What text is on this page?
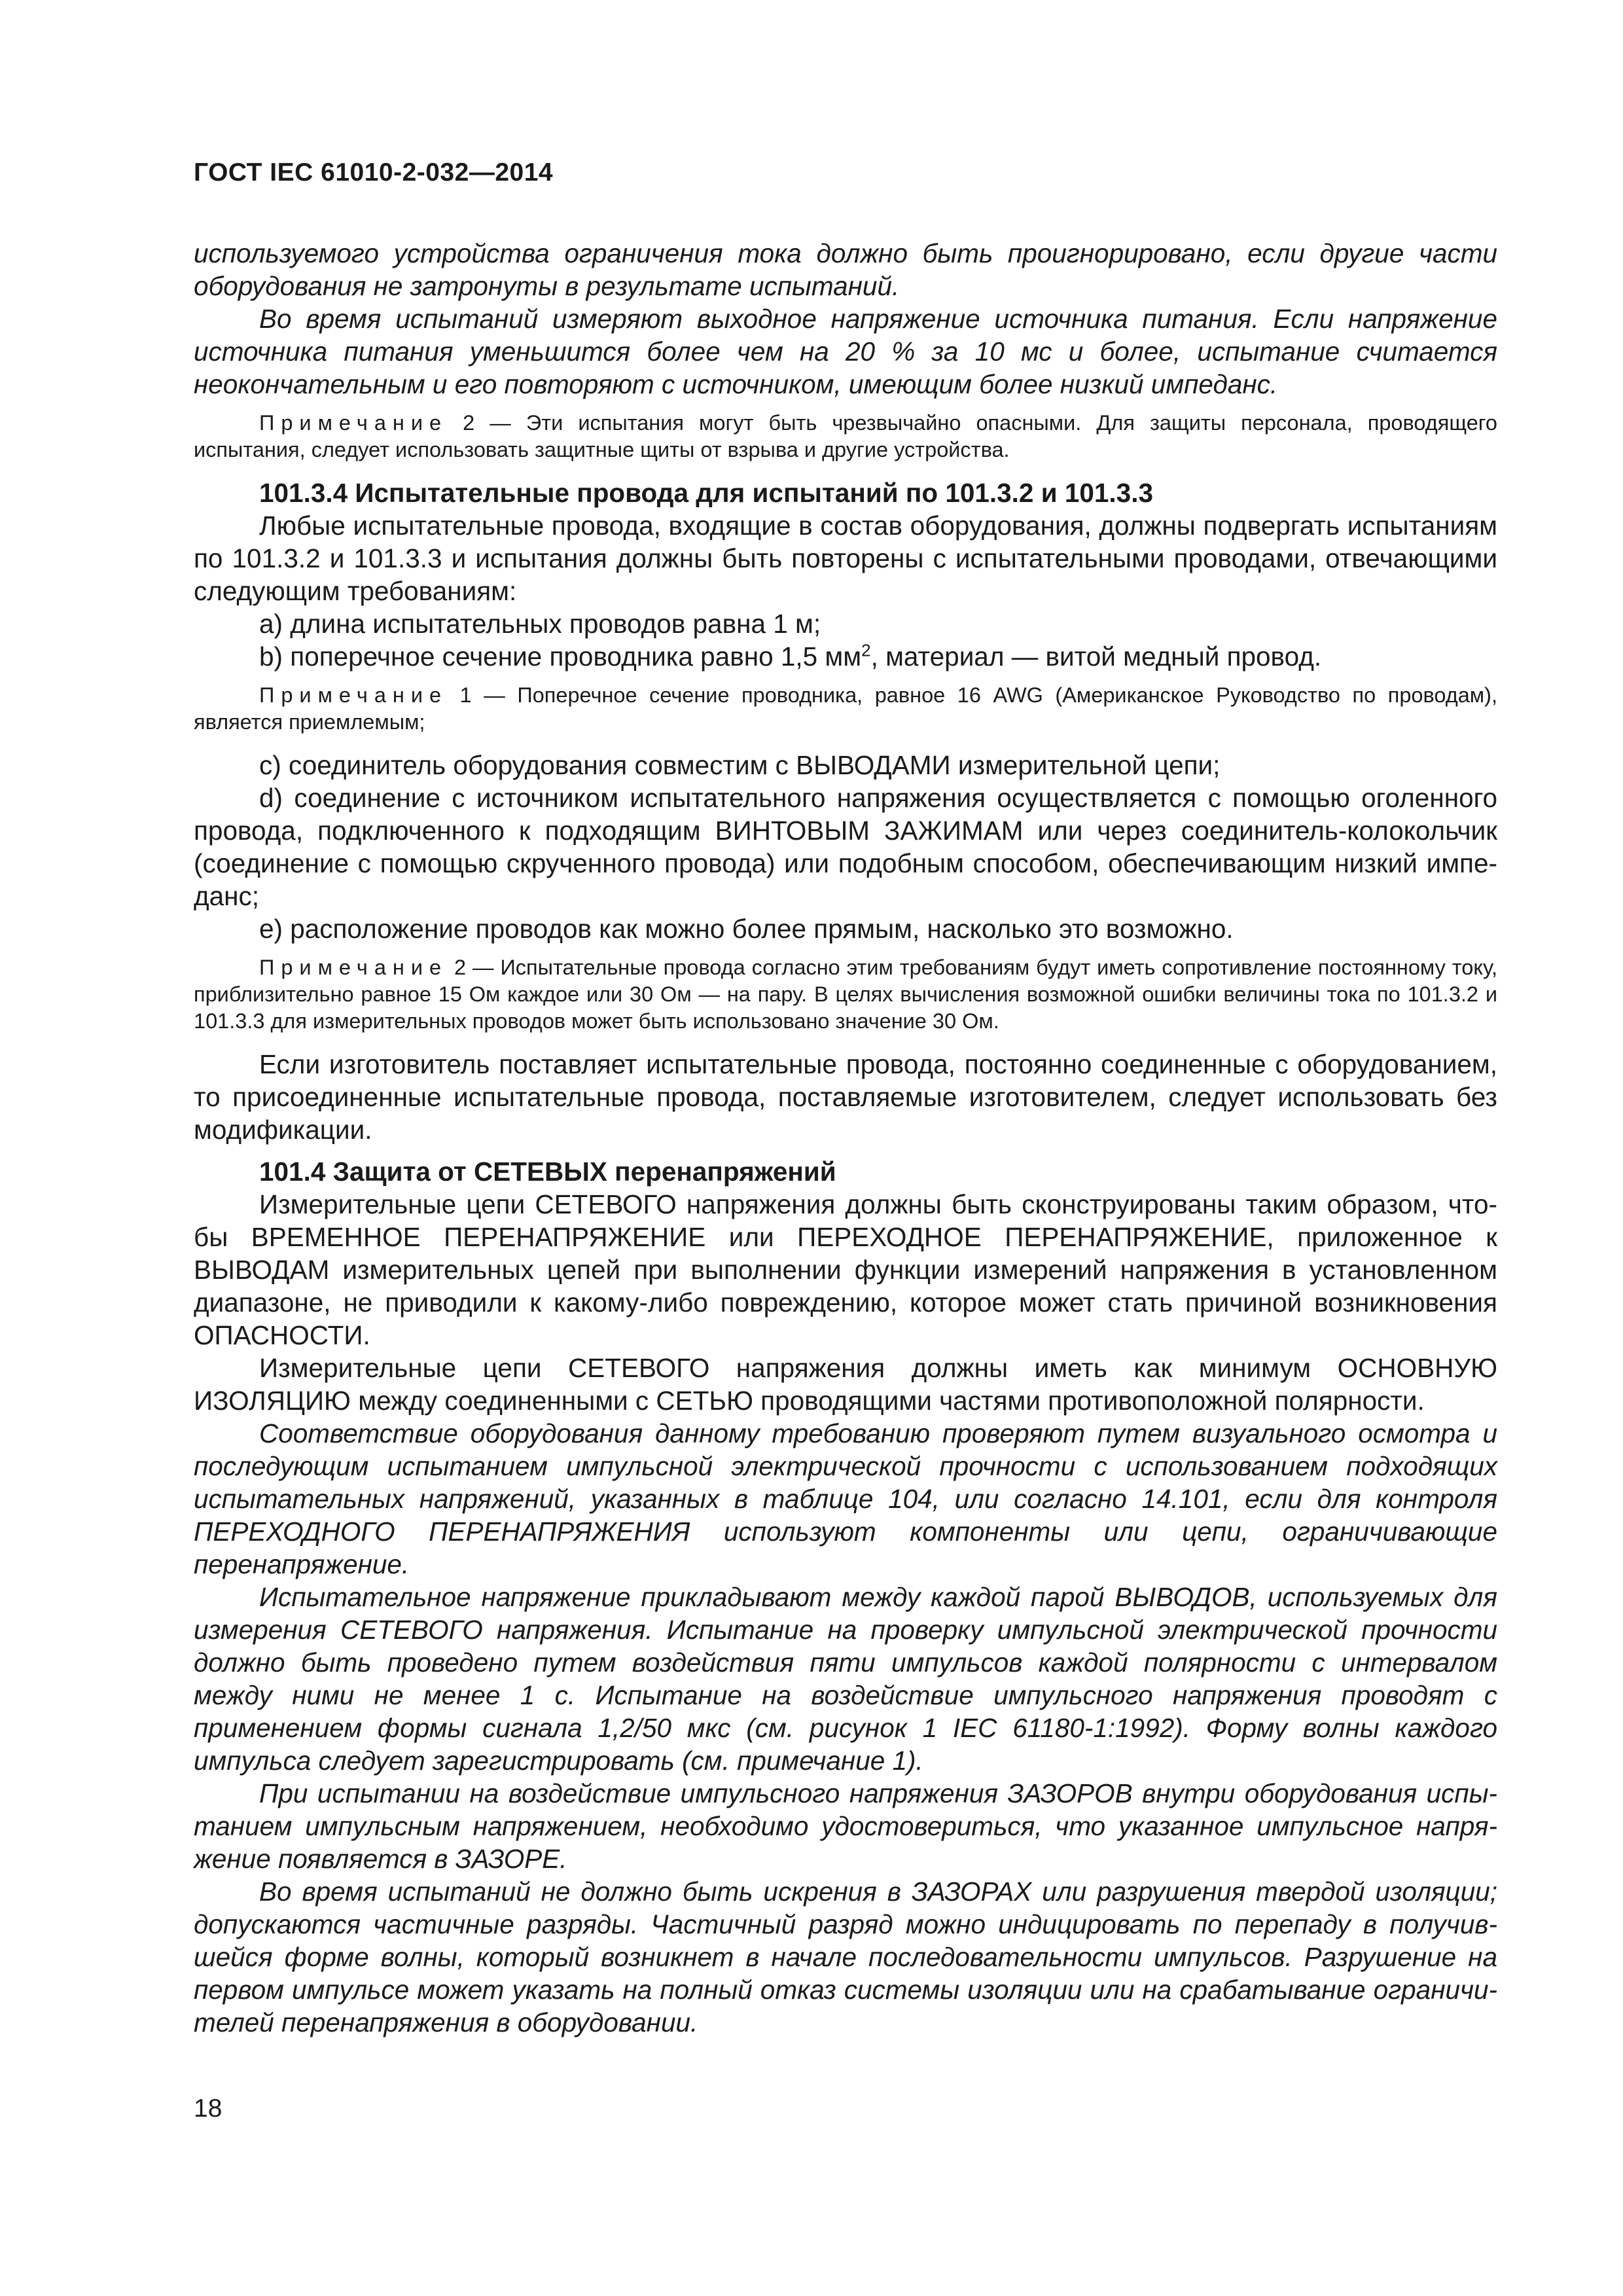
ГОСТ IEC 61010-2-032—2014

используемого устройства ограничения тока должно быть проигнорировано, если другие части оборудования не затронуты в результате испытаний.

Во время испытаний измеряют выходное напряжение источника питания. Если напряжение источника питания уменьшится более чем на 20 % за 10 мс и более, испытание считается неокончательным и его повторяют с источником, имеющим более низкий импеданс.

Примечание 2 — Эти испытания могут быть чрезвычайно опасными. Для защиты персонала, проводящего испытания, следует использовать защитные щиты от взрыва и другие устройства.

101.3.4 Испытательные провода для испытаний по 101.3.2 и 101.3.3

Любые испытательные провода, входящие в состав оборудования, должны подвергать испытаниям по 101.3.2 и 101.3.3 и испытания должны быть повторены с испытательными проводами, отвечающими следующим требованиям:

а) длина испытательных проводов равна 1 м;

b) поперечное сечение проводника равно 1,5 $мм^2$, материал — витой медный провод.

Примечание 1 — Поперечное сечение проводника, равное 16 AWG (Американское Руководство по проводам), является приемлемым;

с) соединитель оборудования совместим с ВЫВОДАМИ измерительной цепи;

d) соединение с источником испытательного напряжения осуществляется с помощью оголенного провода, подключенного к подходящим ВИНТОВЫМ ЗАЖИМАМ или через соединитель-колокольчик (соединение с помощью скрученного провода) или подобным способом, обеспечивающим низкий импеданс;

е) расположение проводов как можно более прямым, насколько это возможно.

Примечание 2 — Испытательные провода согласно этим требованиям будут иметь сопротивление постоянному току, приблизительно равное 15 Ом каждое или 30 Ом — на пару. В целях вычисления возможной ошибки величины тока по 101.3.2 и 101.3.3 для измерительных проводов может быть использовано значение 30 Ом.

Если изготовитель поставляет испытательные провода, постоянно соединенные с оборудованием, то присоединенные испытательные провода, поставляемые изготовителем, следует использовать без модификации.

101.4 Защита от СЕТЕВЫХ перенапряжений

Измерительные цепи СЕТЕВОГО напряжения должны быть сконструированы таким образом, чтобы ВРЕМЕННОЕ ПЕРЕНАПРЯЖЕНИЕ или ПЕРЕХОДНОЕ ПЕРЕНАПРЯЖЕНИЕ, приложенное к ВЫВОДАМ измерительных цепей при выполнении функции измерений напряжения в установленном диапазоне, не приводили к какому-либо повреждению, которое может стать причиной возникновения ОПАСНОСТИ.

Измерительные цепи СЕТЕВОГО напряжения должны иметь как минимум ОСНОВНУЮ ИЗОЛЯЦИЮ между соединенными с СЕТЬЮ проводящими частями противоположной полярности.

Соответствие оборудования данному требованию проверяют путем визуального осмотра и последующим испытанием импульсной электрической прочности с использованием подходящих испытательных напряжений, указанных в таблице 104, или согласно 14.101, если для контроля ПЕРЕХОДНОГО ПЕРЕНАПРЯЖЕНИЯ используют компоненты или цепи, ограничивающие перенапряжение.

Испытательное напряжение прикладывают между каждой парой ВЫВОДОВ, используемых для измерения СЕТЕВОГО напряжения. Испытание на проверку импульсной электрической прочности должно быть проведено путем воздействия пяти импульсов каждой полярности с интервалом между ними не менее 1 с. Испытание на воздействие импульсного напряжения проводят с применением формы сигнала 1,2/50 мкс (см. рисунок 1 IEC 61180-1:1992). Форму волны каждого импульса следует зарегистрировать (см. примечание 1).

При испытании на воздействие импульсного напряжения ЗАЗОРОВ внутри оборудования испытанием импульсным напряжением, необходимо удостовериться, что указанное импульсное напряжение появляется в ЗАЗОРЕ.

Во время испытаний не должно быть искрения в ЗАЗОРАХ или разрушения твердой изоляции; допускаются частичные разряды. Частичный разряд можно индицировать по перепаду в получившейся форме волны, который возникнет в начале последовательности импульсов. Разрушение на первом импульсе может указать на полный отказ системы изоляции или на срабатывание ограничителей перенапряжения в оборудовании.

18
